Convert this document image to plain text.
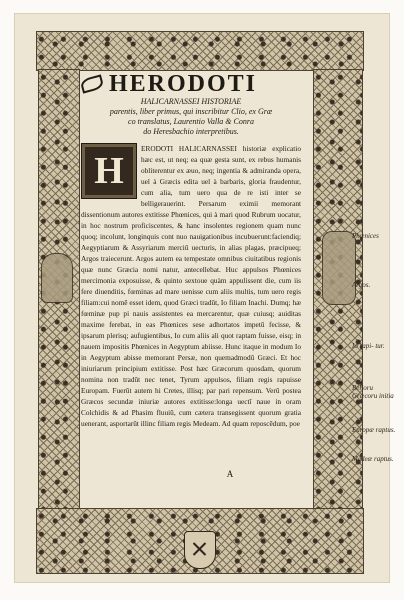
HERODOTI
HALICARNASSEI HISTORIAE
parentis, liber primus, qui inscribitur Clio, ex Græ
co translatus, Laurentio Valla & Conra
do Heresbachio interpretibus.
H
ERODOTI HALICARNASSEI historiæ explicatio hæc est, ut neq; ea quæ gesta sunt, ex rebus humanis obliterentur ex æuo, neq; ingentia & admiranda opera, uel à Græcis edita uel à barbaris, gloria fraudentur, cum alia, tum uero qua de re isti inter se belligerauerint. Persarum eximii memorant dissentionum autores extitisse Phœnices, qui à mari quod Rubrum uocatur, in hoc nostrum proficiscentes, & hanc insolentes regionem quam nunc quoq; incolunt, longinquis cont nuo nauigationibus incubuerunt:faciendiq; Aegyptiarum & Assyriarum merciŭ uecturis, in alias plagas, præcipueq; Argos traiecerunt. Argos autem ea tempestate omnibus ciuitatibus regionis quæ nunc Græcia nomi natur, antecellebat. Huc appulsos Phœnices mercimonia exposuisse, & quinto sextoue quàm appulissent die, cum iis fere diuenditis, fœminas ad mare uenisse cum aliis multis, tum uero regis filiam:cui nomē esset idem, quod Græci tradūt, Io filiam Inachi. Dumq; hæ fœminæ pup pi nauis assistentes ea mercarentur, quæ cuiusq; auiditas maxime ferebat, in eas Phœnices sese adhortatos impetū fecisse, & ipsarum plerisq; aufugientibus, Io cum aliis ali quot raptam fuisse, eisq; in nauem impositis Phœnices in Aegyptum abiisse. Hunc itaque in modum Io in Aegyptum abisse memorant Persæ, non quemadmodū Græci. Et hoc iniuriarum principium extitisse. Post hæc Græcorum quosdam, quorum nomina non tradūt nec tenet, Tyrum appulsos, filiam regis rapuisse Europam. Fuerūt autem hi Cretes, illisq; par pari repensum. Verū postea Græcos secundæ iniuriæ autores extitisse:longa uectĭ naue in oram Colchidis & ad Phasim fluuiū, cum cætera transegissent quorum gratia uenerant, asportarūt illinc filiam regis Medeam. Ad quam reposcēdum, poe
A
Phœnices
Argos.
Io rapi- tur.
Belloru Græcoru initia
Europæ raptus.
Medeæ raptus.
